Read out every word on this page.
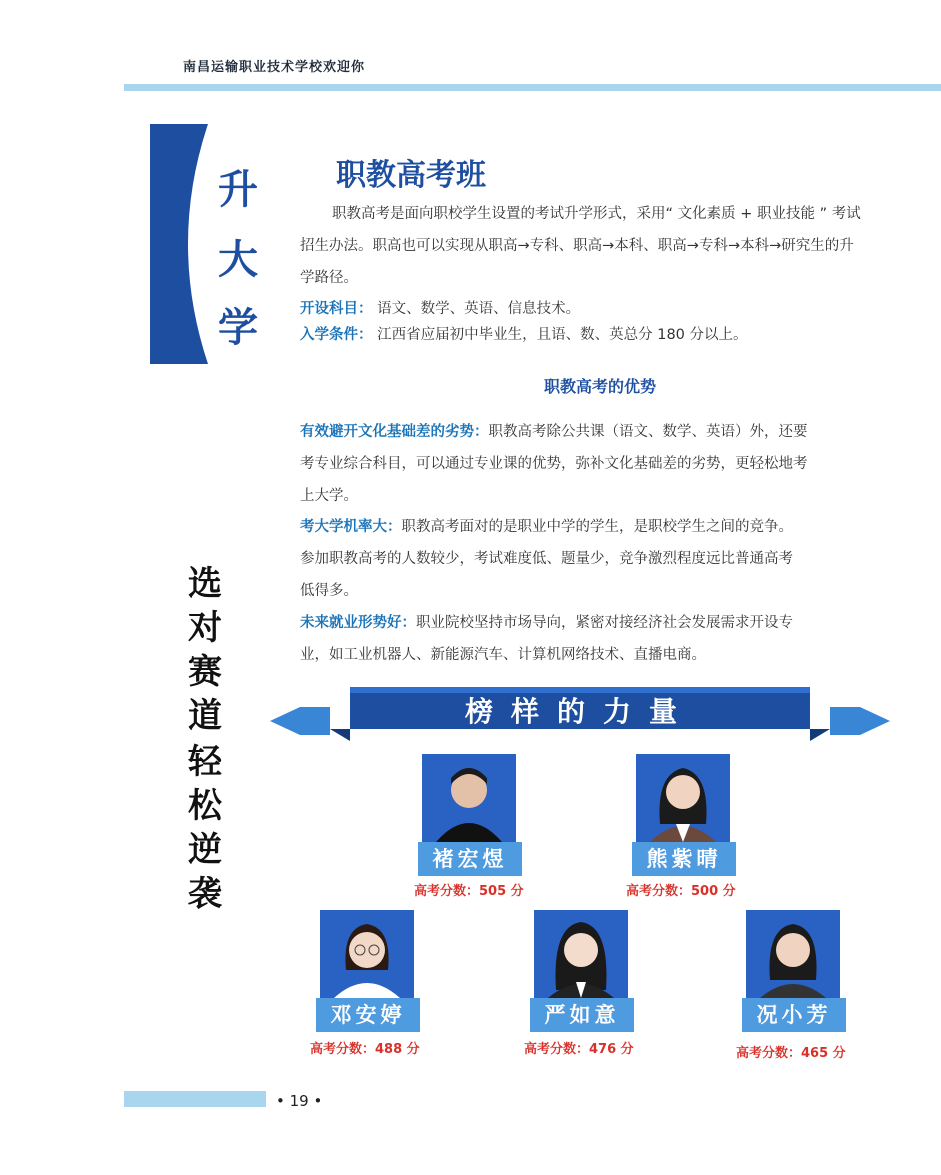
南昌运输职业技术学校欢迎你
升
大
学
职教高考班
职教高考是面向职校学生设置的考试升学形式，采用“ 文化素质 + 职业技能 ” 考试
招生办法。职高也可以实现从职高→专科、职高→本科、职高→专科→本科→研究生的升
学路径。
开设科目： 语文、数学、英语、信息技术。
入学条件： 江西省应届初中毕业生，且语、数、英总分 180 分以上。
职教高考的优势
有效避开文化基础差的劣势：职教高考除公共课（语文、数学、英语）外，还要
考专业综合科目，可以通过专业课的优势，弥补文化基础差的劣势，更轻松地考
上大学。
考大学机率大：职教高考面对的是职业中学的学生，是职校学生之间的竞争。
参加职教高考的人数较少，考试难度低、题量少，竞争激烈程度远比普通高考
低得多。
未来就业形势好：职业院校坚持市场导向，紧密对接经济社会发展需求开设专
业，如工业机器人、新能源汽车、计算机网络技术、直播电商。
选
对
赛
道
轻
松
逆
袭
榜样的力量
褚宏煜
高考分数：505 分
熊紫晴
高考分数：500 分
邓安婷
高考分数：488 分
严如意
高考分数：476 分
况小芳
高考分数：465 分
• 19 •
